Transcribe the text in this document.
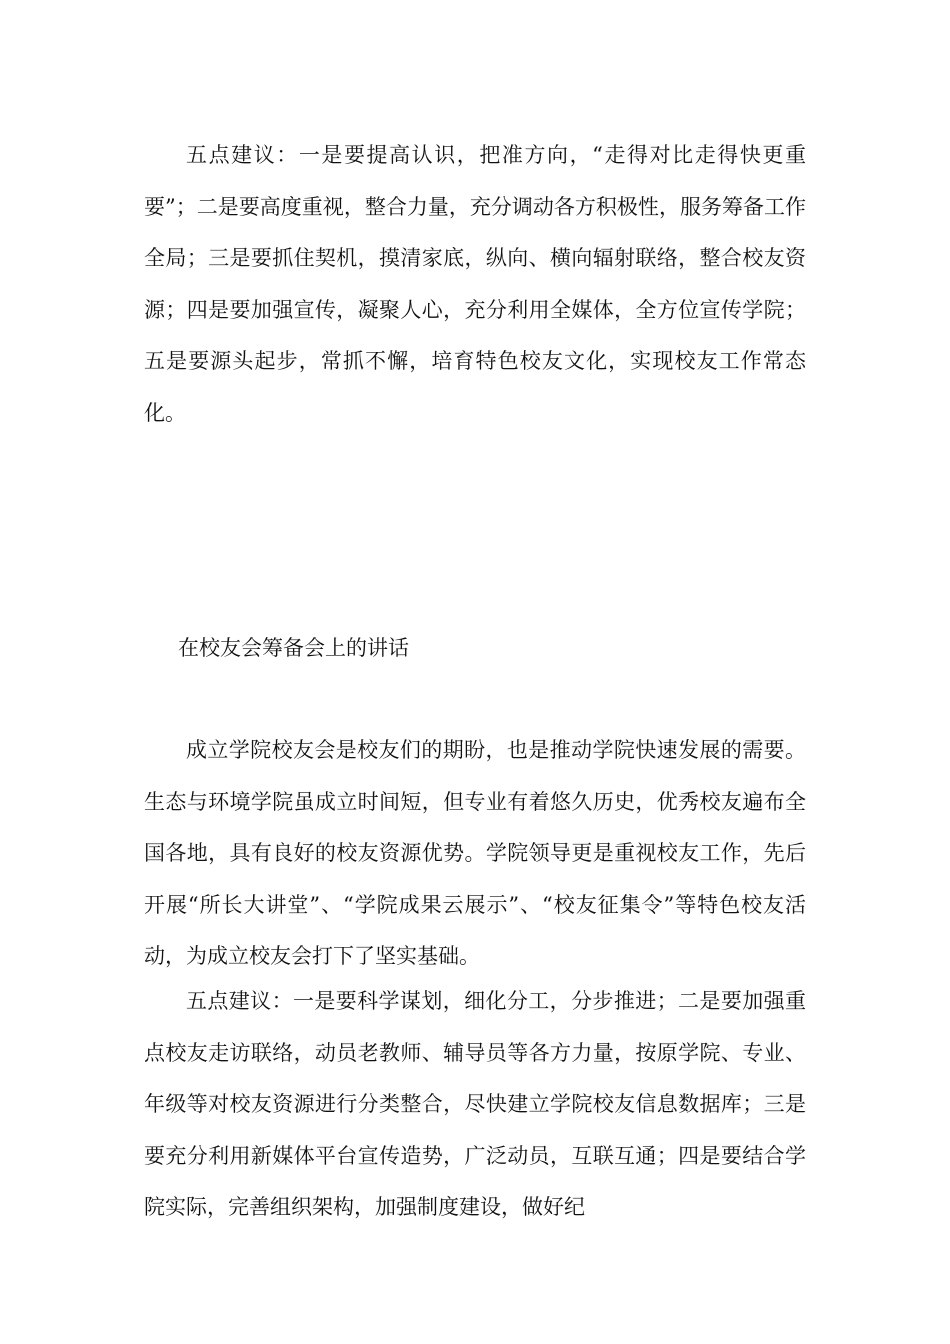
五点建议：一是要提高认识，把准方向，“走得对比走得快更重要”；二是要高度重视，整合力量，充分调动各方积极性，服务筹备工作全局；三是要抓住契机，摸清家底，纵向、横向辐射联络，整合校友资源；四是要加强宣传，凝聚人心，充分利用全媒体，全方位宣传学院；五是要源头起步，常抓不懈，培育特色校友文化，实现校友工作常态化。

在校友会筹备会上的讲话

成立学院校友会是校友们的期盼，也是推动学院快速发展的需要。生态与环境学院虽成立时间短，但专业有着悠久历史，优秀校友遍布全国各地，具有良好的校友资源优势。学院领导更是重视校友工作，先后开展“所长大讲堂”、“学院成果云展示”、“校友征集令”等特色校友活动，为成立校友会打下了坚实基础。

五点建议：一是要科学谋划，细化分工，分步推进；二是要加强重点校友走访联络，动员老教师、辅导员等各方力量，按原学院、专业、年级等对校友资源进行分类整合，尽快建立学院校友信息数据库；三是要充分利用新媒体平台宣传造势，广泛动员，互联互通；四是要结合学院实际，完善组织架构，加强制度建设，做好纪
